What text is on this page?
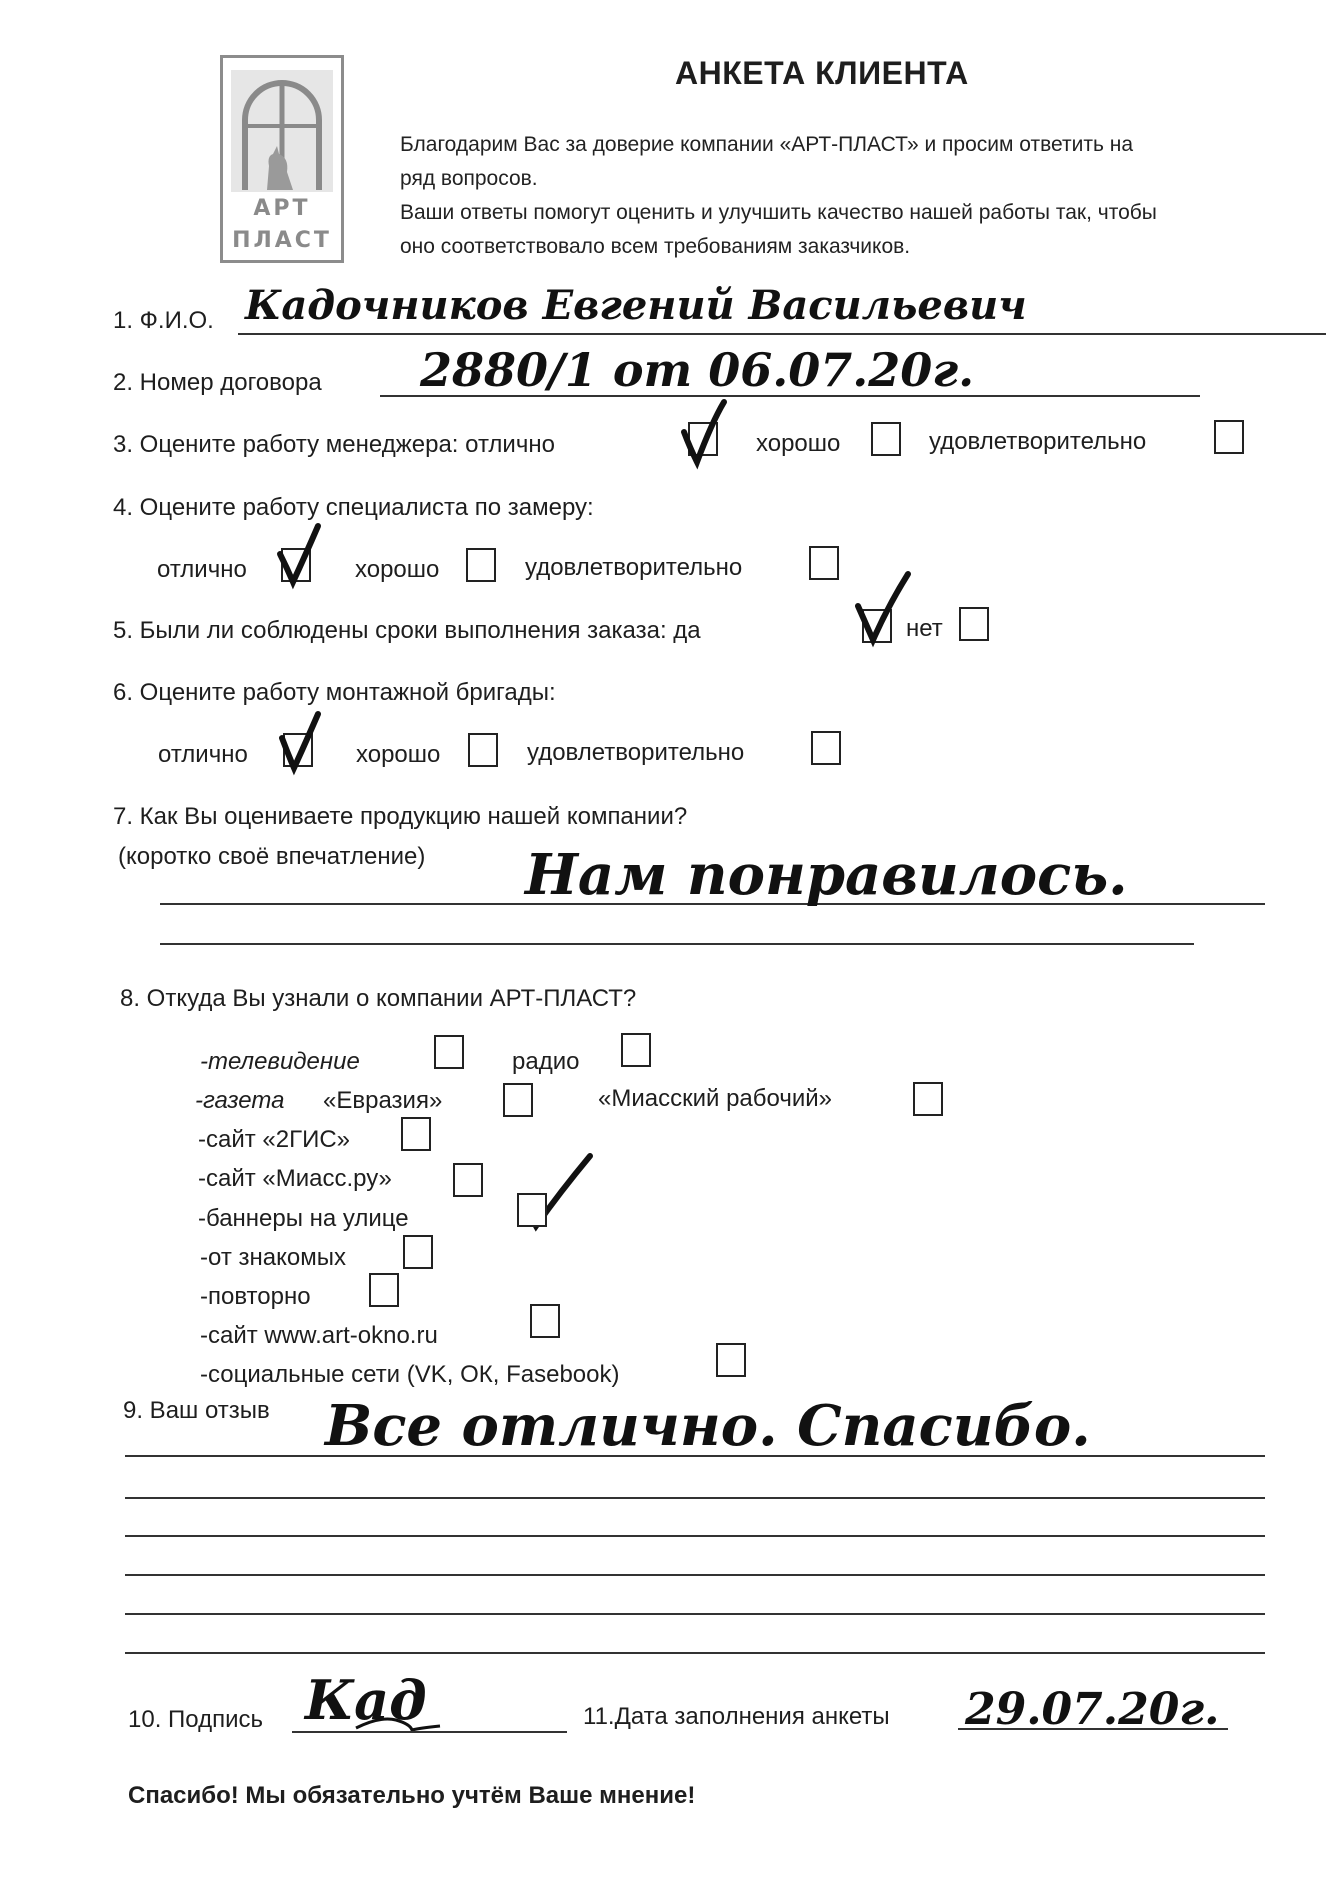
АРТ
ПЛАСТ
АНКЕТА КЛИЕНТА
Благодарим Вас за доверие компании «АРТ-ПЛАСТ» и просим ответить на
ряд вопросов.
Ваши ответы помогут оценить и улучшить качество нашей работы так, чтобы
оно соответствовало всем требованиям заказчиков.
1. Ф.И.О. Кадочников Евгений Васильевич
2. Номер договора 2880/1 от 06.07.20г.
3. Оцените работу менеджера: отлично	хорошо	удовлетворительно
4. Оцените работу специалиста по замеру:
отлично	хорошо	удовлетворительно
5. Были ли соблюдены сроки выполнения заказа: да	нет
6. Оцените работу монтажной бригады:
отлично	хорошо	удовлетворительно
7. Как Вы оцениваете продукцию нашей компании?
(коротко своё впечатление) Нам понравилось.
8. Откуда Вы узнали о компании АРТ-ПЛАСТ?
-телевидение	радио
-газета «Евразия»	«Миасский рабочий»
-сайт «2ГИС»
-сайт «Миасс.ру»
-баннеры на улице
-от знакомых
-повторно
-сайт www.art-okno.ru
-социальные сети (VK, ОК, Fasebook)
9. Ваш отзыв Все отлично. Спасибо.
10. Подпись Кад	11.Дата заполнения анкеты 29.07.20г.
Спасибо! Мы обязательно учтём Ваше мнение!
